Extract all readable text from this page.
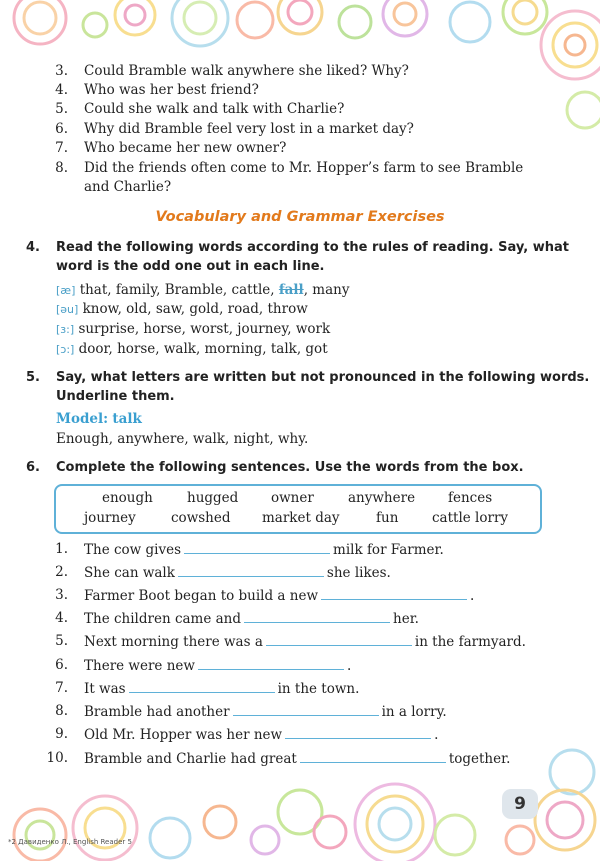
3. Could Bramble walk anywhere she liked? Why?
4. Who was her best friend?
5. Could she walk and talk with Charlie?
6. Why did Bramble feel very lost in a market day?
7. Who became her new owner?
8. Did the friends often come to Mr. Hopper’s farm to see Bramble
and Charlie?
Vocabulary and Grammar Exercises
4. Read the following words according to the rules of reading. Say, what
word is the odd one out in each line.
[æ] that, family, Bramble, cattle, fall, many
[əu] know, old, saw, gold, road, throw
[ɜ:] surprise, horse, worst, journey, work
[ɔ:] door, horse, walk, morning, talk, got
5. Say, what letters are written but not pronounced in the following words.
Underline them.
Model: talk
Enough, anywhere, walk, night, why.
6. Complete the following sentences. Use the words from the box.
enough	hugged owner	anywhere fences
journey	cowshed market day	fun cattle lorry
1. The cow gives	milk for Farmer.
2. She can walk	she likes.
3. Farmer Boot began to build a new	.
4. The children came and	her.
5. Next morning there was a	in the farmyard.
6. There were new	.
7. It was	in the town.
8. Bramble had another	in a lorry.
9. Old Mr. Hopper was her new	.
10. Bramble and Charlie had great	together.
9
*2 Давиденко Л., English Reader 5
